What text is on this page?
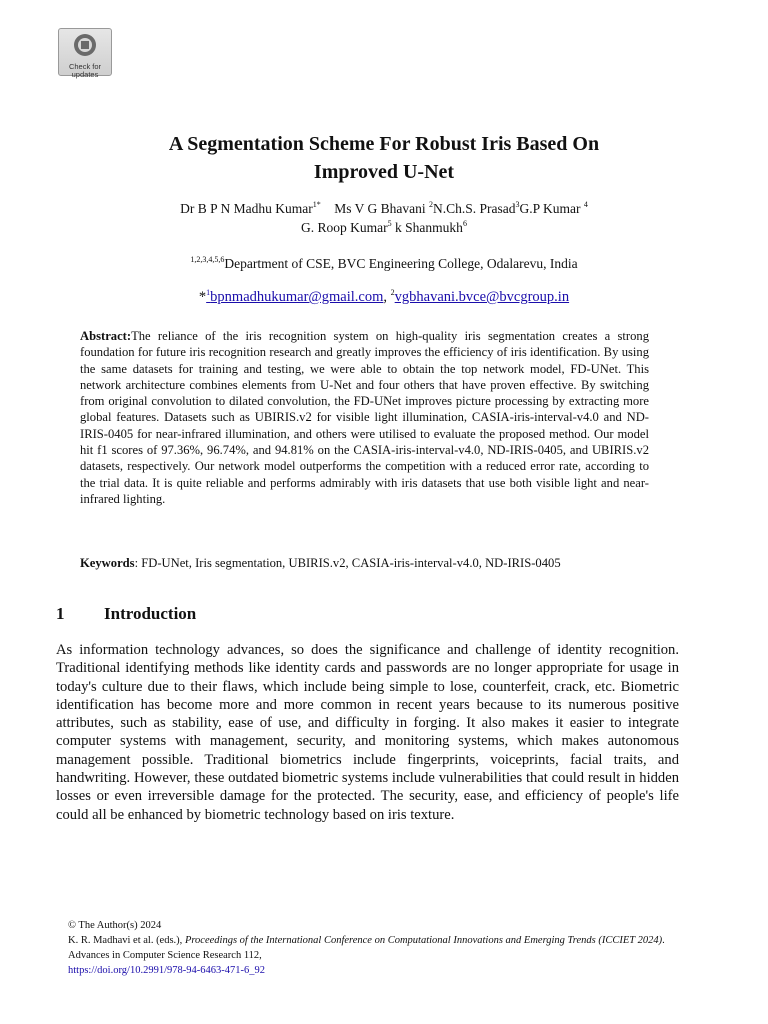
Check for
updates
A Segmentation Scheme For Robust Iris Based On
Improved U-Net
Dr B P N Madhu Kumar$^{1*}$ Ms V G Bhavani $^2$N.Ch.S. Prasad$^3$G.P Kumar $^4$
G. Roop Kumar$^5$ k Shanmukh$^6$
$^{1,2,3,4,5,6}$Department of CSE, BVC Engineering College, Odalarevu, India
*$^1$bpnmadhukumar@gmail.com, $^2$vgbhavani.bvce@bvcgroup.in
Abstract:The reliance of the iris recognition system on high-quality iris segmentation creates a strong foundation for future iris recognition research and greatly improves the efficiency of iris identification. By using the same datasets for training and testing, we were able to obtain the top network model, FD-UNet. This network architecture combines elements from U-Net and four others that have proven effective. By switching from original convolution to dilated convolution, the FD-UNet improves picture processing by extracting more global features. Datasets such as UBIRIS.v2 for visible light illumination, CASIA-iris-interval-v4.0 and ND-IRIS-0405 for near-infrared illumination, and others were utilised to evaluate the proposed method. Our model hit f1 scores of 97.36%, 96.74%, and 94.81% on the CASIA-iris-interval-v4.0, ND-IRIS-0405, and UBIRIS.v2 datasets, respectively. Our network model outperforms the competition with a reduced error rate, according to the trial data. It is quite reliable and performs admirably with iris datasets that use both visible light and near-infrared lighting.
Keywords: FD-UNet, Iris segmentation, UBIRIS.v2, CASIA-iris-interval-v4.0, ND-IRIS-0405
1 Introduction
As information technology advances, so does the significance and challenge of identity recognition. Traditional identifying methods like identity cards and passwords are no longer appropriate for usage in today's culture due to their flaws, which include being simple to lose, counterfeit, crack, etc. Biometric identification has become more and more common in recent years because to its numerous positive attributes, such as stability, ease of use, and difficulty in forging. It also makes it easier to integrate computer systems with management, security, and monitoring systems, which makes autonomous management possible. Traditional biometrics include fingerprints, voiceprints, facial traits, and handwriting. However, these outdated biometric systems include vulnerabilities that could result in hidden losses or even irreversible damage for the protected. The security, ease, and efficiency of people's life could all be enhanced by biometric technology based on iris texture.
© The Author(s) 2024
K. R. Madhavi et al. (eds.), Proceedings of the International Conference on Computational Innovations and Emerging Trends (ICCIET 2024). Advances in Computer Science Research 112,
https://doi.org/10.2991/978-94-6463-471-6_92
